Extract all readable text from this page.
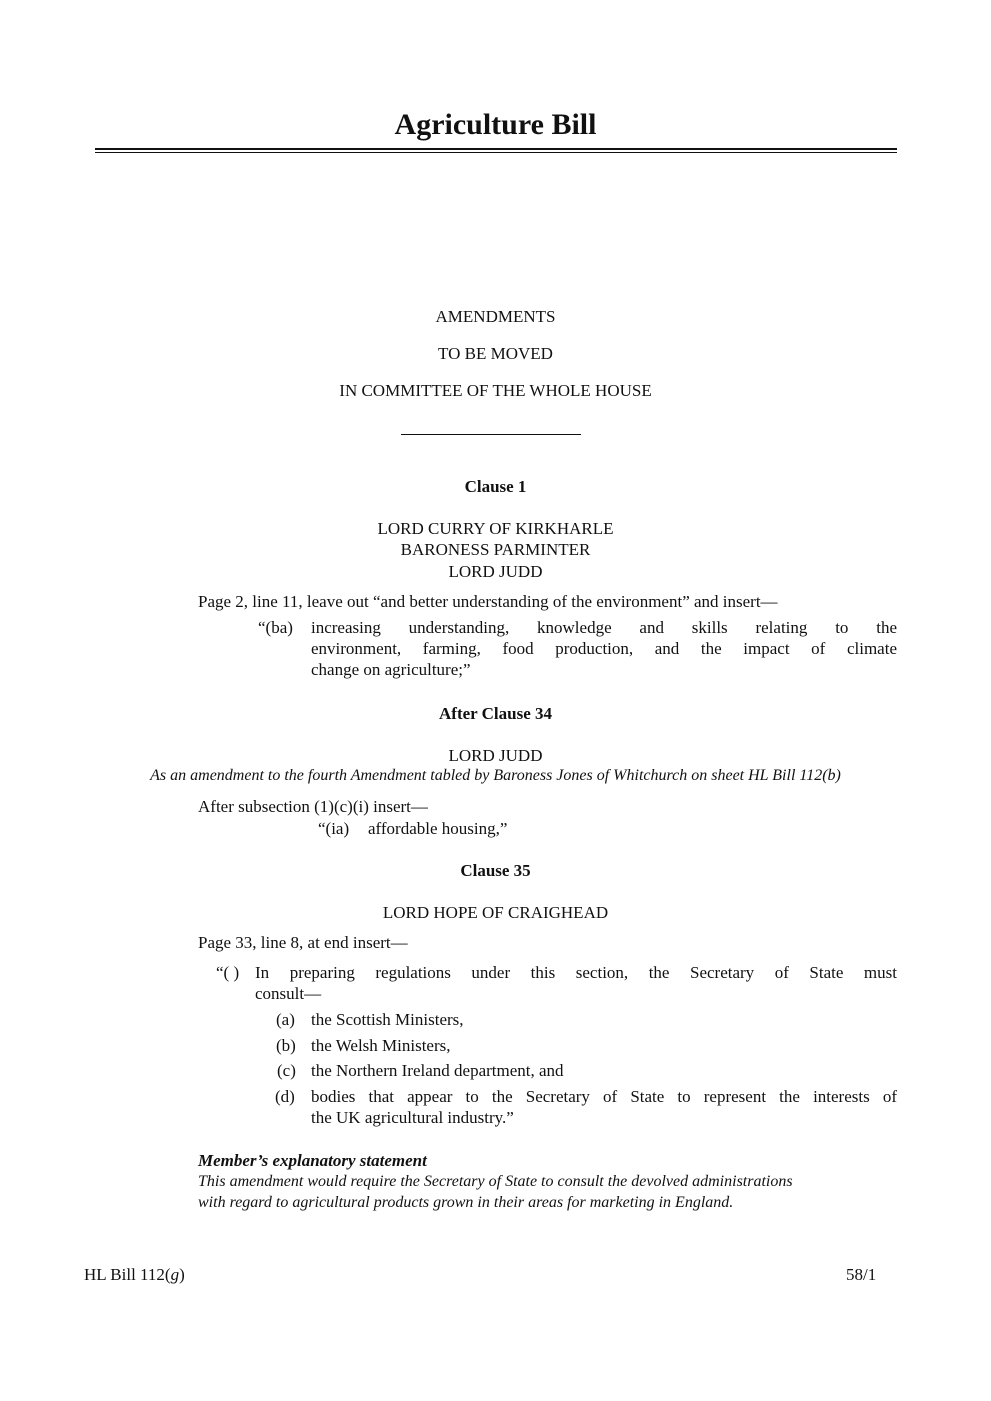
Agriculture Bill
AMENDMENTS
TO BE MOVED
IN COMMITTEE OF THE WHOLE HOUSE
Clause 1
LORD CURRY OF KIRKHARLE
BARONESS PARMINTER
LORD JUDD
Page 2, line 11, leave out “and better understanding of the environment” and insert—
“(ba) increasing understanding, knowledge and skills relating to the
environment, farming, food production, and the impact of climate
change on agriculture;”
After Clause 34
LORD JUDD
As an amendment to the fourth Amendment tabled by Baroness Jones of Whitchurch on sheet HL Bill 112(b)
After subsection (1)(c)(i) insert—
“(ia) affordable housing,”
Clause 35
LORD HOPE OF CRAIGHEAD
Page 33, line 8, at end insert—
“( ) In preparing regulations under this section, the Secretary of State must
consult—
(a) the Scottish Ministers,
(b) the Welsh Ministers,
(c) the Northern Ireland department, and
(d) bodies that appear to the Secretary of State to represent the interests of
the UK agricultural industry.”
Member’s explanatory statement
This amendment would require the Secretary of State to consult the devolved administrations
with regard to agricultural products grown in their areas for marketing in England.
HL Bill 112(g)	58/1
